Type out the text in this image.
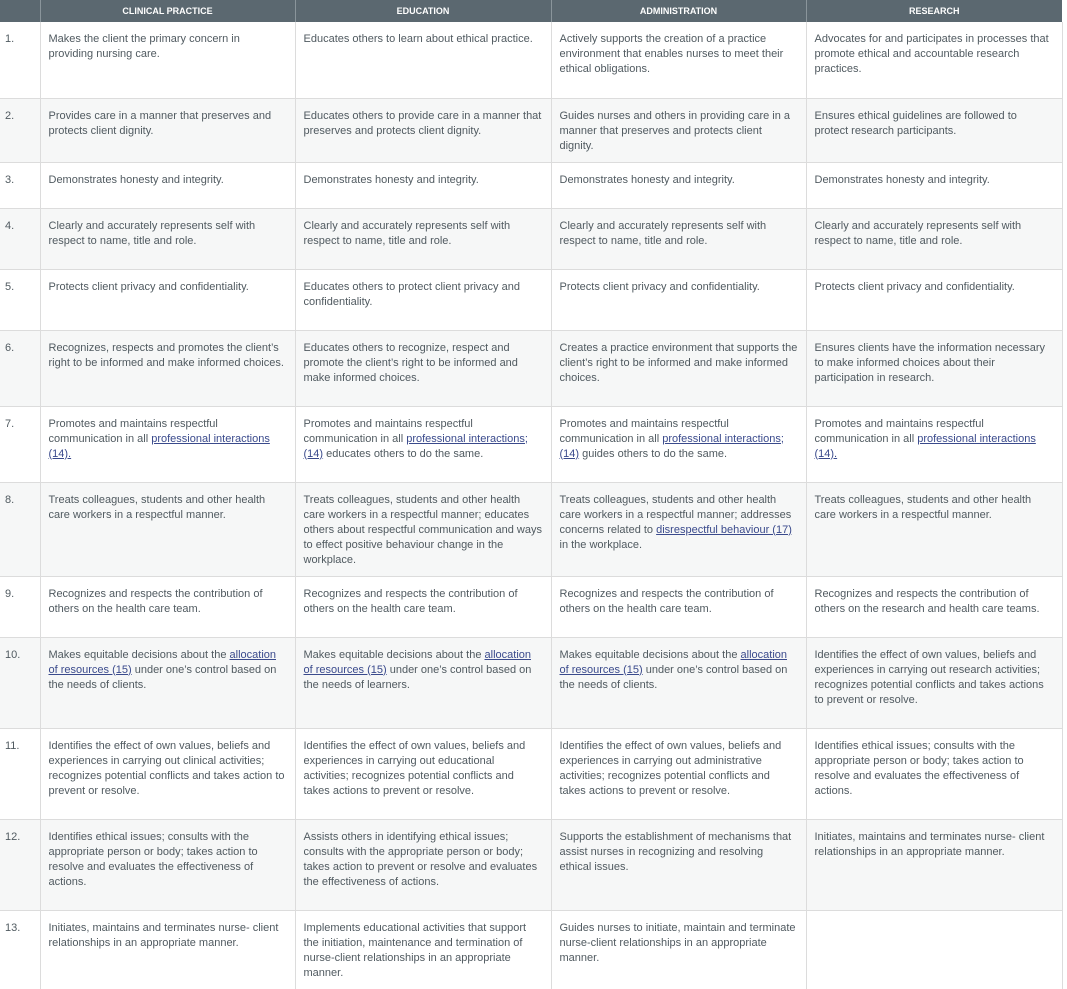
	CLINICAL PRACTICE	EDUCATION	ADMINISTRATION	RESEARCH
1.	Makes the client the primary concern in providing nursing care.	Educates others to learn about ethical practice.	Actively supports the creation of a practice environment that enables nurses to meet their ethical obligations.	Advocates for and participates in processes that promote ethical and accountable research practices.
2.	Provides care in a manner that preserves and protects client dignity.	Educates others to provide care in a manner that preserves and protects client dignity.	Guides nurses and others in providing care in a manner that preserves and protects client dignity.	Ensures ethical guidelines are followed to protect research participants.
3.	Demonstrates honesty and integrity.	Demonstrates honesty and integrity.	Demonstrates honesty and integrity.	Demonstrates honesty and integrity.
4.	Clearly and accurately represents self with respect to name, title and role.	Clearly and accurately represents self with respect to name, title and role.	Clearly and accurately represents self with respect to name, title and role.	Clearly and accurately represents self with respect to name, title and role.
5.	Protects client privacy and confidentiality.	Educates others to protect client privacy and confidentiality.	Protects client privacy and confidentiality.	Protects client privacy and confidentiality.
6.	Recognizes, respects and promotes the client’s right to be informed and make informed choices.	Educates others to recognize, respect and promote the client’s right to be informed and make informed choices.	Creates a practice environment that supports the client’s right to be informed and make informed choices.	Ensures clients have the information necessary to make informed choices about their participation in research.
7.	Promotes and maintains respectful communication in all professional interactions (14).	Promotes and maintains respectful communication in all professional interactions; (14) educates others to do the same.	Promotes and maintains respectful communication in all professional interactions; (14) guides others to do the same.	Promotes and maintains respectful communication in all professional interactions (14).
8.	Treats colleagues, students and other health care workers in a respectful manner.	Treats colleagues, students and other health care workers in a respectful manner; educates others about respectful communication and ways to effect positive behaviour change in the workplace.	Treats colleagues, students and other health care workers in a respectful manner; addresses concerns related to disrespectful behaviour (17) in the workplace.	Treats colleagues, students and other health care workers in a respectful manner.
9.	Recognizes and respects the contribution of others on the health care team.	Recognizes and respects the contribution of others on the health care team.	Recognizes and respects the contribution of others on the health care team.	Recognizes and respects the contribution of others on the research and health care teams.
10.	Makes equitable decisions about the allocation of resources (15) under one’s control based on the needs of clients.	Makes equitable decisions about the allocation of resources (15) under one’s control based on the needs of learners.	Makes equitable decisions about the allocation of resources (15) under one’s control based on the needs of clients.	Identifies the effect of own values, beliefs and experiences in carrying out research activities; recognizes potential conflicts and takes actions to prevent or resolve.
11.	Identifies the effect of own values, beliefs and experiences in carrying out clinical activities; recognizes potential conflicts and takes action to prevent or resolve.	Identifies the effect of own values, beliefs and experiences in carrying out educational activities; recognizes potential conflicts and takes actions to prevent or resolve.	Identifies the effect of own values, beliefs and experiences in carrying out administrative activities; recognizes potential conflicts and takes actions to prevent or resolve.	Identifies ethical issues; consults with the appropriate person or body; takes action to resolve and evaluates the effectiveness of actions.
12.	Identifies ethical issues; consults with the appropriate person or body; takes action to resolve and evaluates the effectiveness of actions.	Assists others in identifying ethical issues; consults with the appropriate person or body; takes action to prevent or resolve and evaluates the effectiveness of actions.	Supports the establishment of mechanisms that assist nurses in recognizing and resolving ethical issues.	Initiates, maintains and terminates nurse- client relationships in an appropriate manner.
13.	Initiates, maintains and terminates nurse- client relationships in an appropriate manner.	Implements educational activities that support the initiation, maintenance and termination of nurse-client relationships in an appropriate manner.	Guides nurses to initiate, maintain and terminate nurse-client relationships in an appropriate manner.	
